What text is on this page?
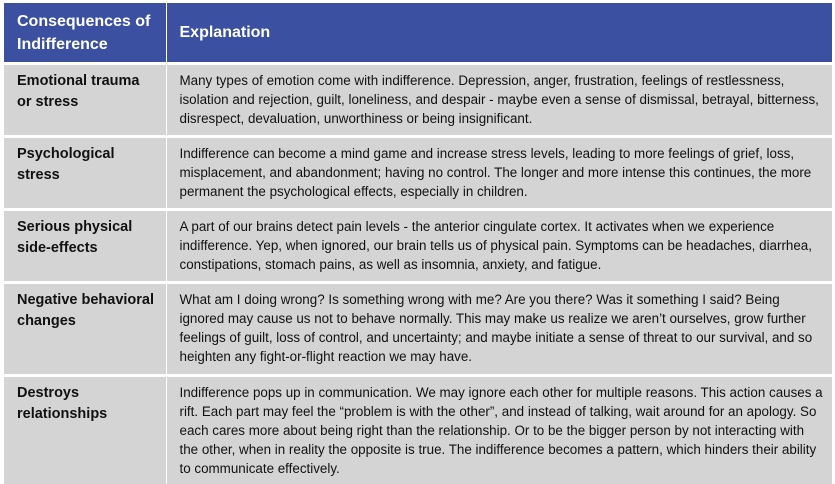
Consequences of Indifference	Explanation
Emotional trauma or stress	Many types of emotion come with indifference. Depression, anger, frustration, feelings of restlessness, isolation and rejection, guilt, loneliness, and despair - maybe even a sense of dismissal, betrayal, bitterness, disrespect, devaluation, unworthiness or being insignificant.
Psychological stress	Indifference can become a mind game and increase stress levels, leading to more feelings of grief, loss, misplacement, and abandonment; having no control. The longer and more intense this continues, the more permanent the psychological effects, especially in children.
Serious physical side-effects	A part of our brains detect pain levels - the anterior cingulate cortex. It activates when we experience indifference. Yep, when ignored, our brain tells us of physical pain. Symptoms can be headaches, diarrhea, constipations, stomach pains, as well as insomnia, anxiety, and fatigue.
Negative behavioral changes	What am I doing wrong? Is something wrong with me? Are you there? Was it something I said? Being ignored may cause us not to behave normally. This may make us realize we aren’t ourselves, grow further feelings of guilt, loss of control, and uncertainty; and maybe initiate a sense of threat to our survival, and so heighten any fight-or-flight reaction we may have.
Destroys relationships	Indifference pops up in communication. We may ignore each other for multiple reasons. This action causes a rift. Each part may feel the “problem is with the other”, and instead of talking, wait around for an apology. So each cares more about being right than the relationship. Or to be the bigger person by not interacting with the other, when in reality the opposite is true. The indifference becomes a pattern, which hinders their ability to communicate effectively.
